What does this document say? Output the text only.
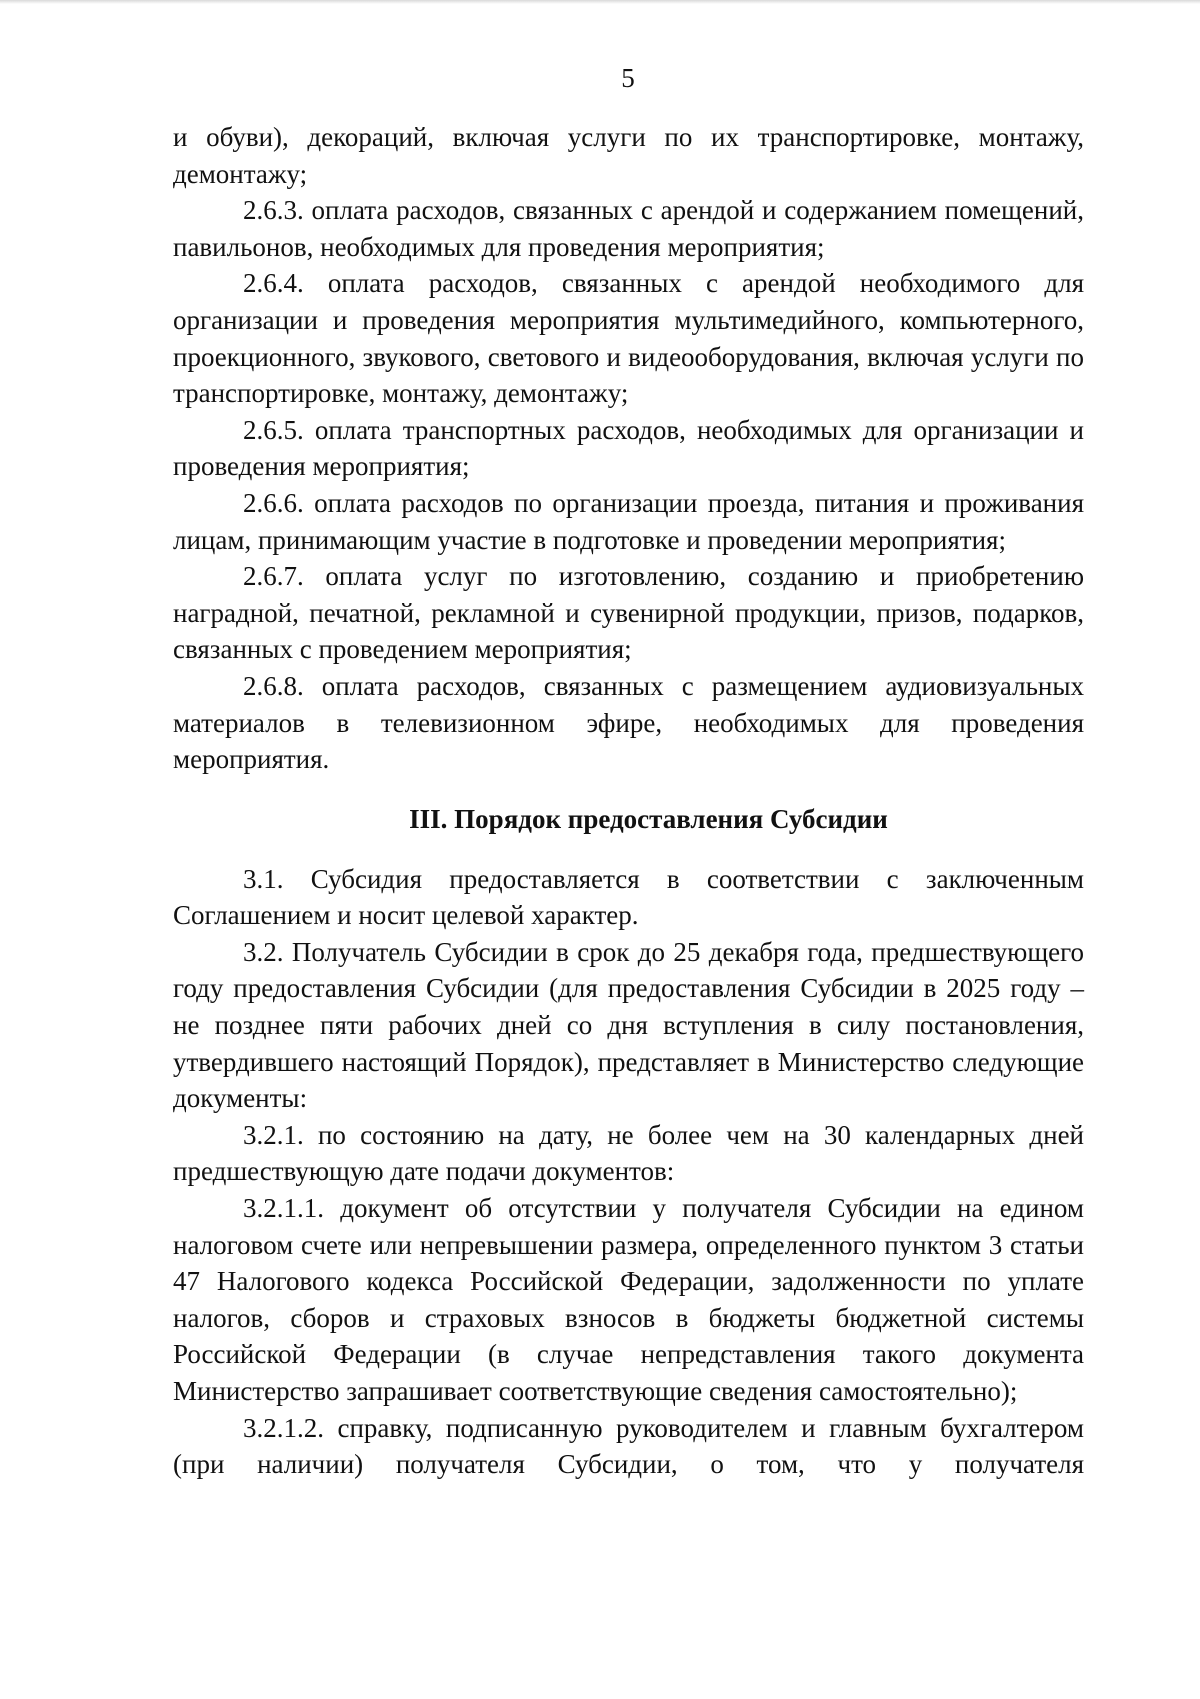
5

и обуви), декораций, включая услуги по их транспортировке, монтажу, демонтажу;

2.6.3. оплата расходов, связанных с арендой и содержанием помещений, павильонов, необходимых для проведения мероприятия;

2.6.4. оплата расходов, связанных с арендой необходимого для организации и проведения мероприятия мультимедийного, компьютерного, проекционного, звукового, светового и видеооборудования, включая услуги по транспортировке, монтажу, демонтажу;

2.6.5. оплата транспортных расходов, необходимых для организации и проведения мероприятия;

2.6.6. оплата расходов по организации проезда, питания и проживания лицам, принимающим участие в подготовке и проведении мероприятия;

2.6.7. оплата услуг по изготовлению, созданию и приобретению наградной, печатной, рекламной и сувенирной продукции, призов, подарков, связанных с проведением мероприятия;

2.6.8. оплата расходов, связанных с размещением аудиовизуальных материалов в телевизионном эфире, необходимых для проведения мероприятия.

III. Порядок предоставления Субсидии

3.1. Субсидия предоставляется в соответствии с заключенным Соглашением и носит целевой характер.

3.2. Получатель Субсидии в срок до 25 декабря года, предшествующего году предоставления Субсидии (для предоставления Субсидии в 2025 году – не позднее пяти рабочих дней со дня вступления в силу постановления, утвердившего настоящий Порядок), представляет в Министерство следующие документы:

3.2.1. по состоянию на дату, не более чем на 30 календарных дней предшествующую дате подачи документов:

3.2.1.1. документ об отсутствии у получателя Субсидии на едином налоговом счете или непревышении размера, определенного пунктом 3 статьи 47 Налогового кодекса Российской Федерации, задолженности по уплате налогов, сборов и страховых взносов в бюджеты бюджетной системы Российской Федерации (в случае непредставления такого документа Министерство запрашивает соответствующие сведения самостоятельно);

3.2.1.2. справку, подписанную руководителем и главным бухгалтером (при наличии) получателя Субсидии, о том, что у получателя
